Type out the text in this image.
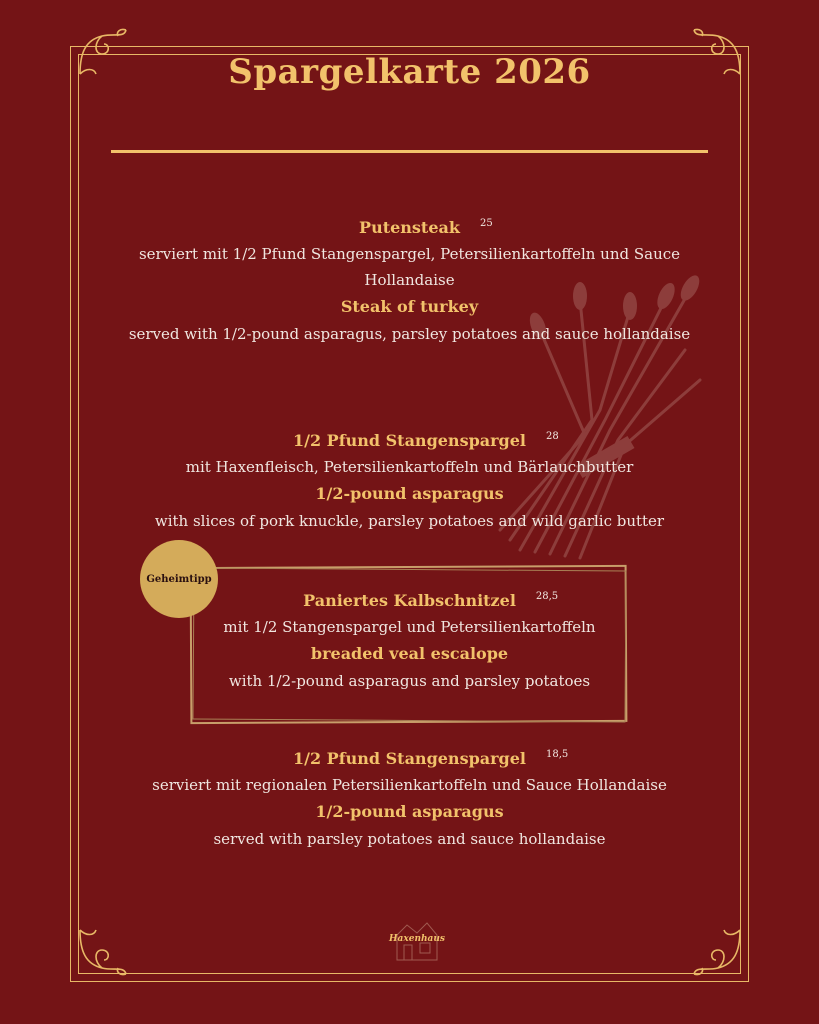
Spargelkarte 2026
Putensteak 25

serviert mit 1/2 Pfund Stangenspargel, Petersilienkartoffeln und Sauce Hollandaise

Steak of turkey

served with 1/2-pound asparagus, parsley potatoes and sauce hollandaise

1/2 Pfund Stangenspargel 28

mit Haxenfleisch, Petersilienkartoffeln und Bärlauchbutter

1/2-pound asparagus

with slices of pork knuckle, parsley potatoes and wild garlic butter

Geheimtipp
Paniertes Kalbschnitzel 28,5

mit 1/2 Stangenspargel und Petersilienkartoffeln

breaded veal escalope

with 1/2-pound asparagus and parsley potatoes

1/2 Pfund Stangenspargel 18,5

serviert mit regionalen Petersilienkartoffeln und Sauce Hollandaise

1/2-pound asparagus

served with parsley potatoes and sauce hollandaise

Haxenhaus
